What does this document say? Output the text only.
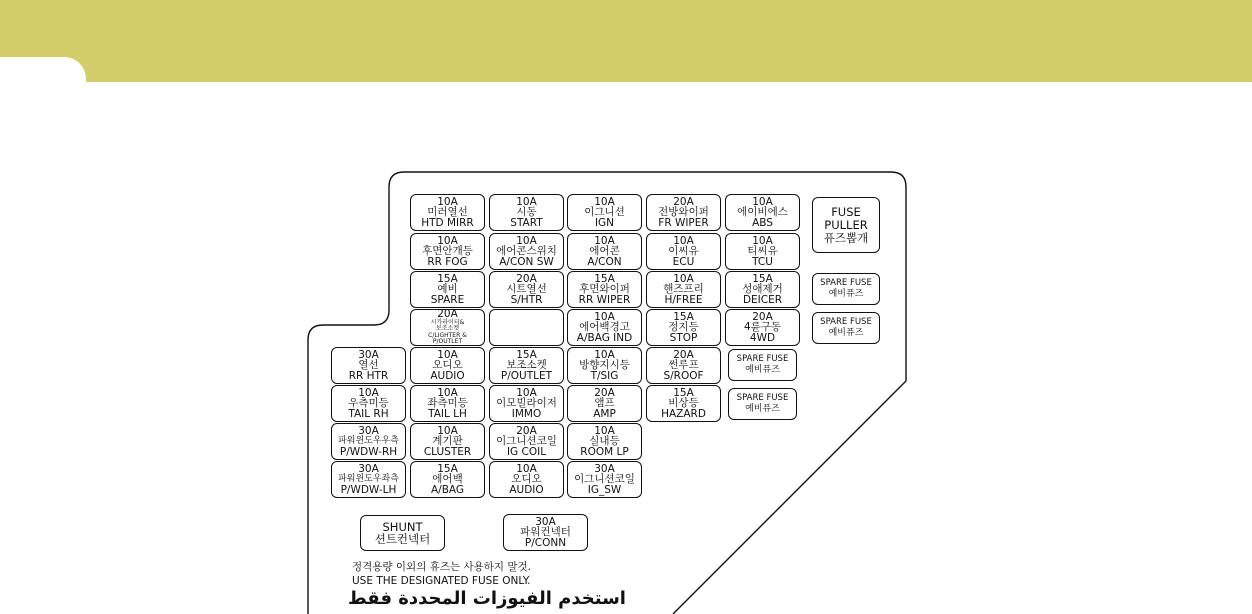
10A
미러열선
HTD MIRR
10A
시동
START
10A
이그니션
IGN
20A
전방와이퍼
FR WIPER
10A
에이비에스
ABS
10A
후면안개등
RR FOG
10A
에어콘스위치
A/CON SW
10A
에어콘
A/CON
10A
이씨유
ECU
10A
티씨유
TCU
15A
예비
SPARE
20A
시트열선
S/HTR
15A
후면와이퍼
RR WIPER
10A
핸즈프리
H/FREE
15A
성애제거
DEICER
20A
시가라이터&
보조소켓
C/LIGHTER &
P/OUTLET
10A
에어백경고
A/BAG IND
15A
정지등
STOP
20A
4륜구동
4WD
30A
열선
RR HTR
10A
오디오
AUDIO
15A
보조소켓
P/OUTLET
10A
방향지시등
T/SIG
20A
썬루프
S/ROOF
10A
우측미등
TAIL RH
10A
좌측미등
TAIL LH
10A
이모빌라이저
IMMO
20A
앰프
AMP
15A
비상등
HAZARD
30A
파워윈도우우측
P/WDW-RH
10A
계기판
CLUSTER
20A
이그니션코일
IG COIL
10A
실내등
ROOM LP
30A
파워윈도우좌측
P/WDW-LH
15A
에어백
A/BAG
10A
오디오
AUDIO
30A
이그니션코일
IG_SW
FUSE
PULLER
퓨즈뽑개
SPARE FUSE
예비퓨즈
SPARE FUSE
예비퓨즈
SPARE FUSE
예비퓨즈
SPARE FUSE
예비퓨즈
SHUNT
션트컨넥터
30A
파워컨넥터
P/CONN
정격용량 이외의 휴즈는 사용하지 말것.
USE THE DESIGNATED FUSE ONLY.
استخدم الفيوزات المحددة فقط
